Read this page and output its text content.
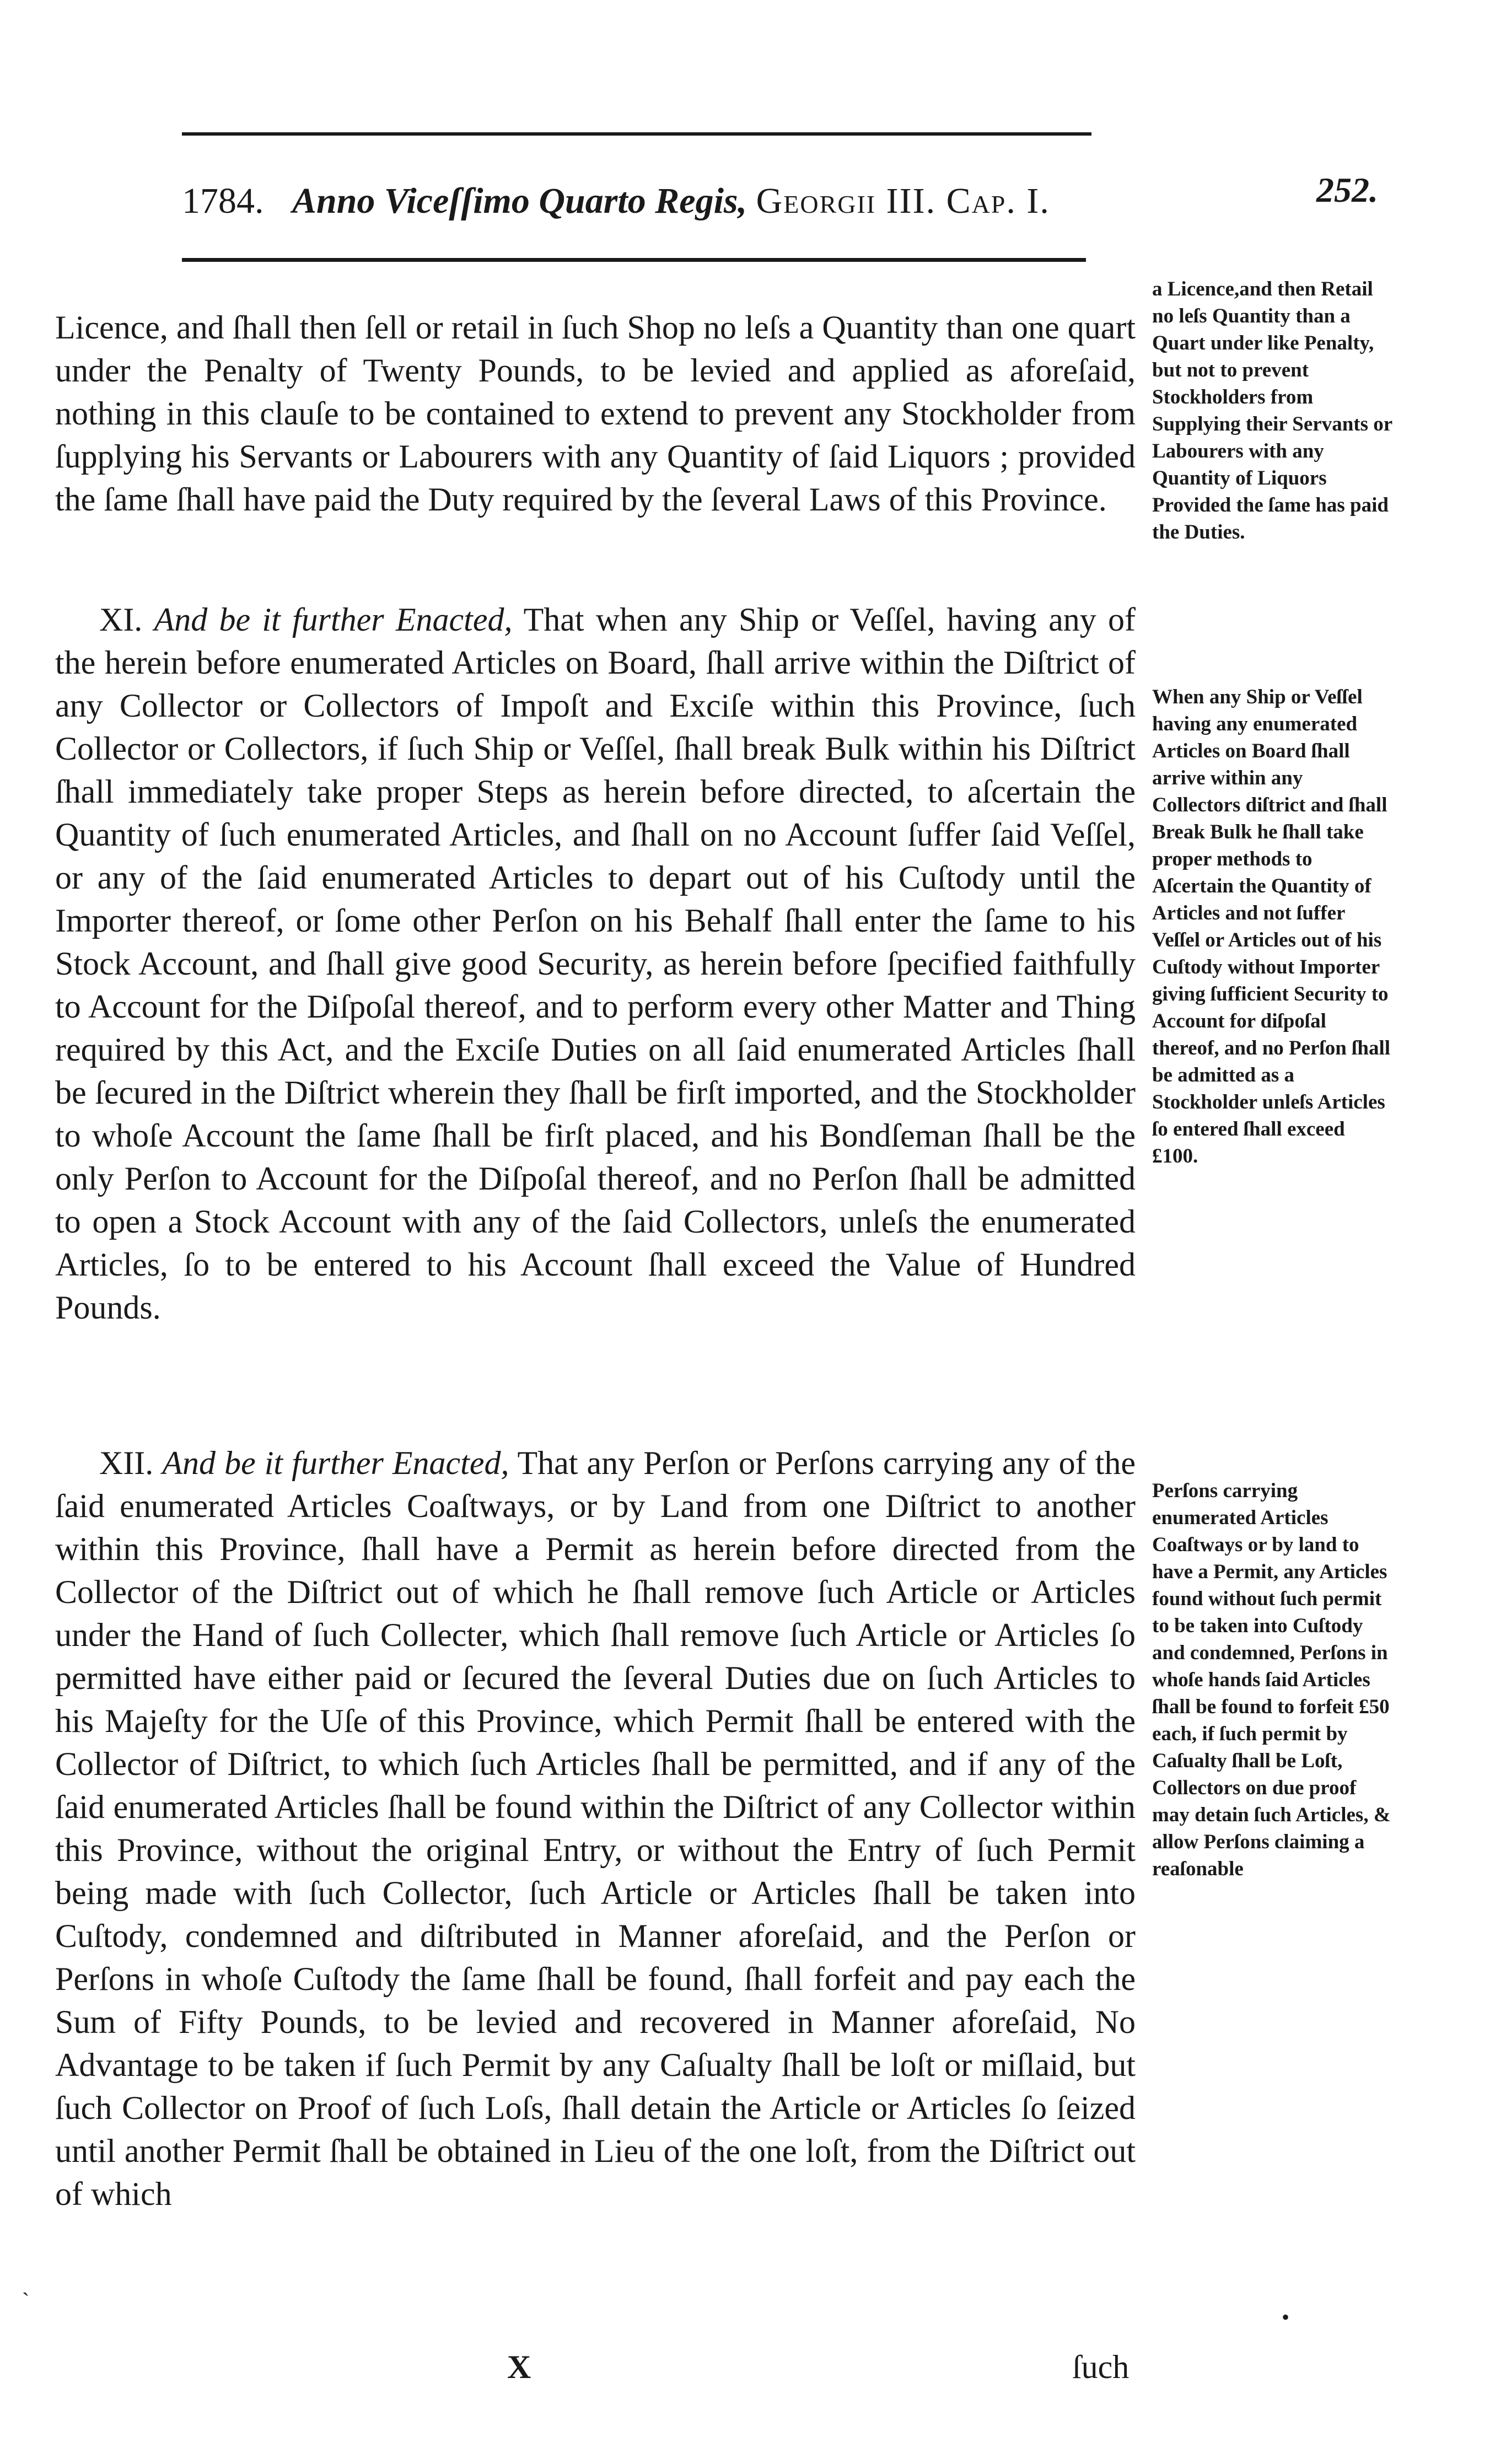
1784. Anno Viceſſimo Quarto Regis, Georgii III. Cap. I.	252.

Licence, and ſhall then ſell or retail in ſuch Shop no leſs a Quantity than one quart under the Penalty of Twenty Pounds, to be levied and applied as aforeſaid, nothing in this clauſe to be contained to extend to prevent any Stockholder from ſupplying his Servants or Labourers with any Quantity of ſaid Liquors ; provided the ſame ſhall have paid the Duty required by the ſeveral Laws of this Province.

XI. And be it further Enacted, That when any Ship or Veſſel, having any of the herein before enumerated Articles on Board, ſhall arrive within the Diſtrict of any Collector or Collectors of Impoſt and Exciſe within this Province, ſuch Collector or Collectors, if ſuch Ship or Veſſel, ſhall break Bulk within his Diſtrict ſhall immediately take proper Steps as herein before directed, to aſcertain the Quantity of ſuch enumerated Articles, and ſhall on no Account ſuffer ſaid Veſſel, or any of the ſaid enumerated Articles to depart out of his Cuſtody until the Importer thereof, or ſome other Perſon on his Behalf ſhall enter the ſame to his Stock Account, and ſhall give good Security, as herein before ſpecified faithfully to Account for the Diſpoſal thereof, and to perform every other Matter and Thing required by this Act, and the Exciſe Duties on all ſaid enumerated Articles ſhall be ſecured in the Diſtrict wherein they ſhall be firſt imported, and the Stockholder to whoſe Account the ſame ſhall be firſt placed, and his Bondſeman ſhall be the only Perſon to Account for the Diſpoſal thereof, and no Perſon ſhall be admitted to open a Stock Account with any of the ſaid Collectors, unleſs the enumerated Articles, ſo to be entered to his Account ſhall exceed the Value of Hundred Pounds.

XII. And be it further Enacted, That any Perſon or Perſons carrying any of the ſaid enumerated Articles Coaſtways, or by Land from one Diſtrict to another within this Province, ſhall have a Permit as herein before directed from the Collector of the Diſtrict out of which he ſhall remove ſuch Article or Articles under the Hand of ſuch Collecter, which ſhall remove ſuch Article or Articles ſo permitted have either paid or ſecured the ſeveral Duties due on ſuch Articles to his Majeſty for the Uſe of this Province, which Permit ſhall be entered with the Collector of Diſtrict, to which ſuch Articles ſhall be permitted, and if any of the ſaid enumerated Articles ſhall be found within the Diſtrict of any Collector within this Province, without the original Entry, or without the Entry of ſuch Permit being made with ſuch Collector, ſuch Article or Articles ſhall be taken into Cuſtody, condemned and diſtributed in Manner aforeſaid, and the Perſon or Perſons in whoſe Cuſtody the ſame ſhall be found, ſhall forfeit and pay each the Sum of Fifty Pounds, to be levied and recovered in Manner aforeſaid, No Advantage to be taken if ſuch Permit by any Caſualty ſhall be loſt or miſlaid, but ſuch Collector on Proof of ſuch Loſs, ſhall detain the Article or Articles ſo ſeized until another Permit ſhall be obtained in Lieu of the one loſt, from the Diſtrict out of which

X	ſuch

a Licence,and then Retail no leſs Quantity than a Quart under like Penalty, but not to prevent Stockholders from Supplying their Servants or Labourers with any Quantity of Liquors Provided the ſame has paid the Duties.

When any Ship or Veſſel having any enumerated Articles on Board ſhall arrive within any Collectors diſtrict and ſhall Break Bulk he ſhall take proper methods to Aſcertain the Quantity of Articles and not ſuffer Veſſel or Articles out of his Cuſtody without Importer giving ſufficient Security to Account for diſpoſal thereof, and no Perſon ſhall be admitted as a Stockholder unleſs Articles ſo entered ſhall exceed £100.

Perſons carrying enumerated Articles Coaſtways or by land to have a Permit, any Articles found without ſuch permit to be taken into Cuſtody and condemned, Perſons in whoſe hands ſaid Articles ſhall be found to forfeit £50 each, if ſuch permit by Caſualty ſhall be Loſt, Collectors on due proof may detain ſuch Articles, & allow Perſons claiming a reaſonable

•
`
